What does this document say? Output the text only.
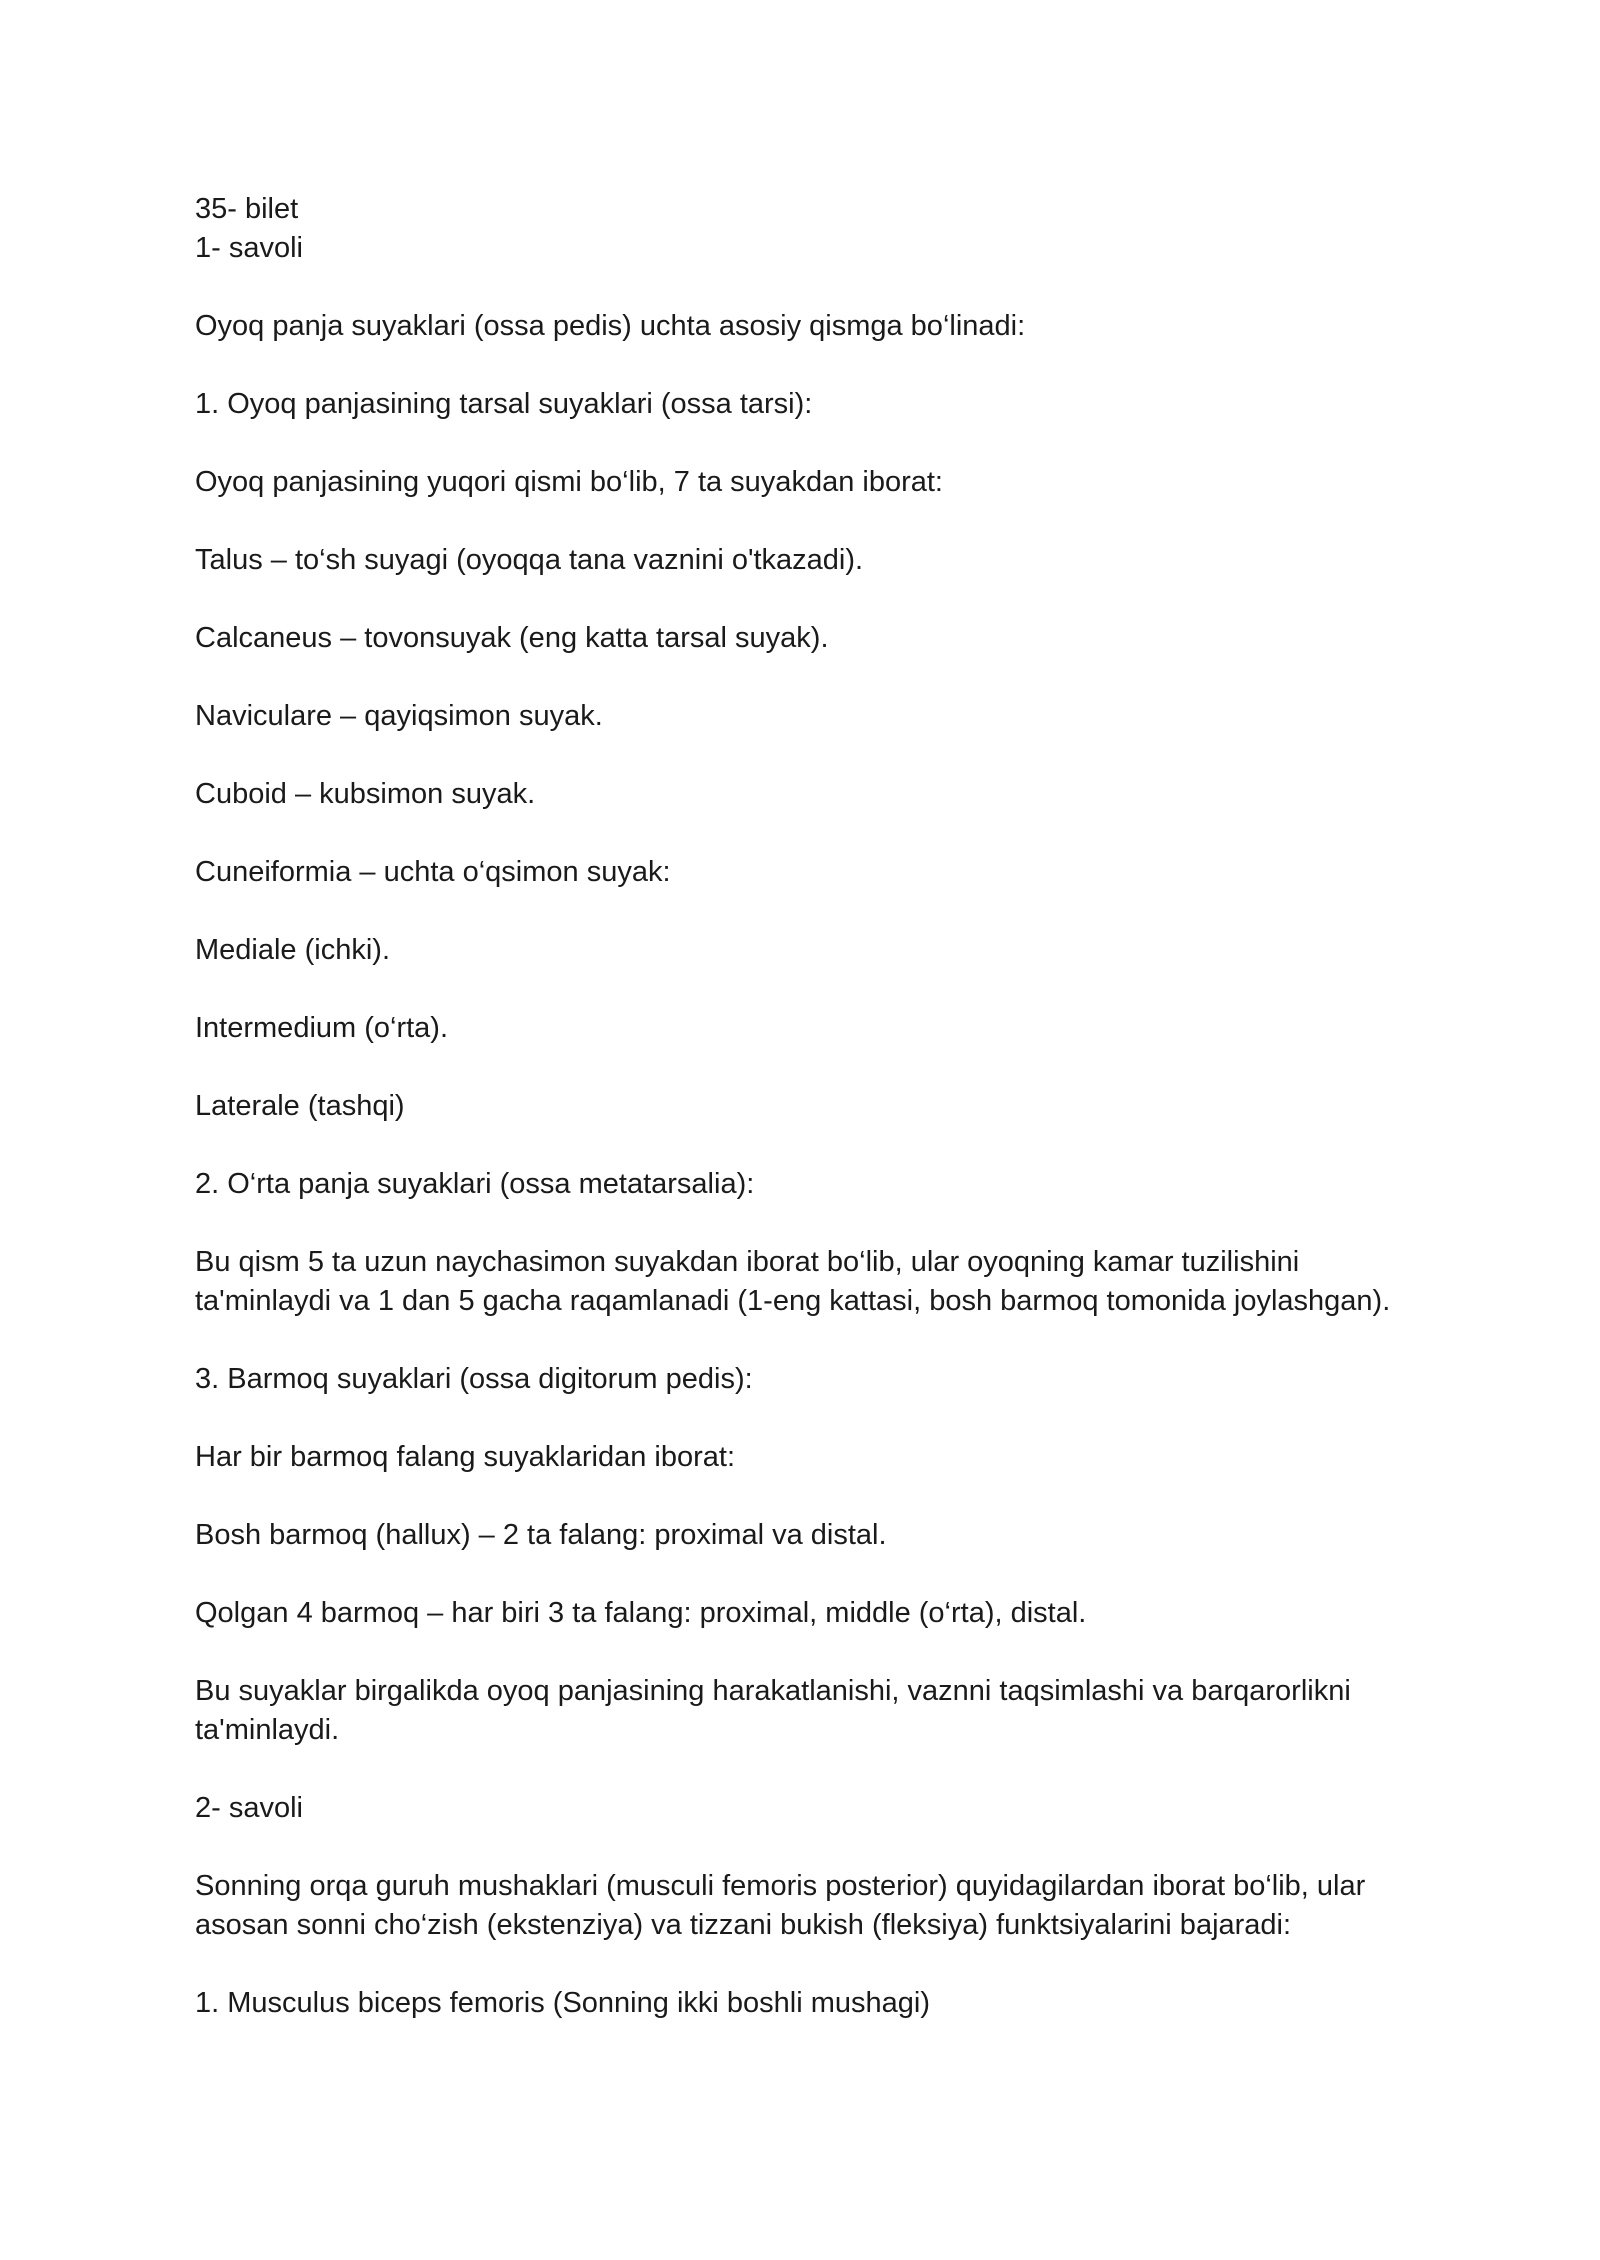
35- bilet

1- savoli

Oyoq panja suyaklari (ossa pedis) uchta asosiy qismga bo‘linadi:

1. Oyoq panjasining tarsal suyaklari (ossa tarsi):

Oyoq panjasining yuqori qismi bo‘lib, 7 ta suyakdan iborat:

Talus – to‘sh suyagi (oyoqqa tana vaznini o'tkazadi).

Calcaneus – tovonsuyak (eng katta tarsal suyak).

Naviculare – qayiqsimon suyak.

Cuboid – kubsimon suyak.

Cuneiformia – uchta o‘qsimon suyak:

Mediale (ichki).

Intermedium (o‘rta).

Laterale (tashqi)

2. O‘rta panja suyaklari (ossa metatarsalia):

Bu qism 5 ta uzun naychasimon suyakdan iborat bo‘lib, ular oyoqning kamar tuzilishini ta'minlaydi va 1 dan 5 gacha raqamlanadi (1-eng kattasi, bosh barmoq tomonida joylashgan).

3. Barmoq suyaklari (ossa digitorum pedis):

Har bir barmoq falang suyaklaridan iborat:

Bosh barmoq (hallux) – 2 ta falang: proximal va distal.

Qolgan 4 barmoq – har biri 3 ta falang: proximal, middle (o‘rta), distal.

Bu suyaklar birgalikda oyoq panjasining harakatlanishi, vaznni taqsimlashi va barqarorlikni ta'minlaydi.

2- savoli

Sonning orqa guruh mushaklari (musculi femoris posterior) quyidagilardan iborat bo‘lib, ular asosan sonni cho‘zish (ekstenziya) va tizzani bukish (fleksiya) funktsiyalarini bajaradi:

1. Musculus biceps femoris (Sonning ikki boshli mushagi)
